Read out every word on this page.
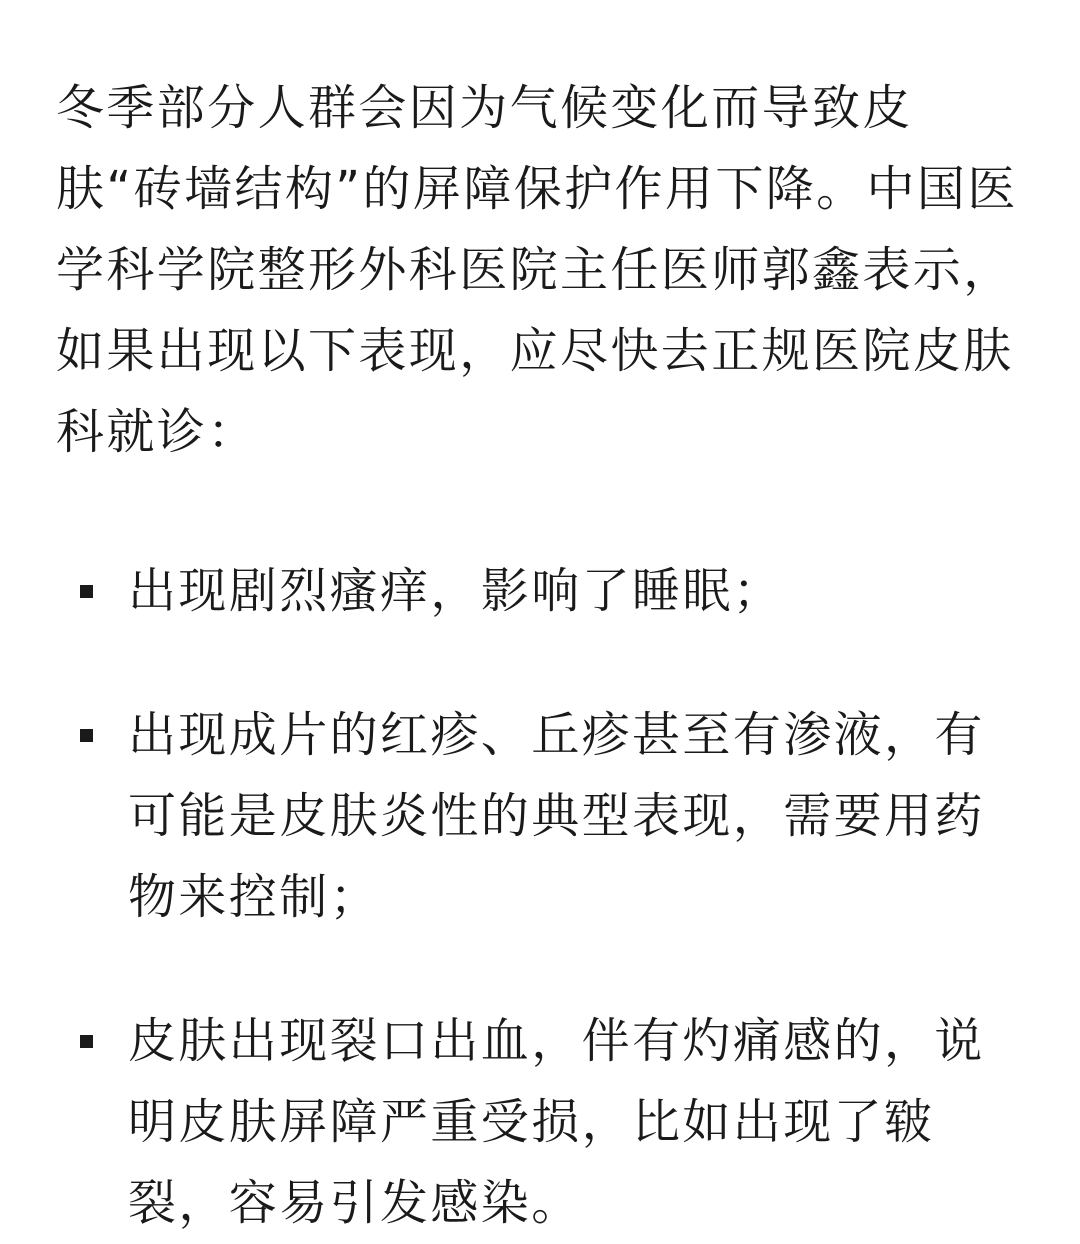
冬季部分人群会因为气候变化而导致皮肤“砖墙结构”的屏障保护作用下降。中国医学科学院整形外科医院主任医师郭鑫表示，如果出现以下表现，应尽快去正规医院皮肤科就诊：

出现剧烈瘙痒，影响了睡眠；
出现成片的红疹、丘疹甚至有渗液，有可能是皮肤炎性的典型表现，需要用药物来控制；
皮肤出现裂口出血，伴有灼痛感的，说明皮肤屏障严重受损，比如出现了皲裂，容易引发感染。
